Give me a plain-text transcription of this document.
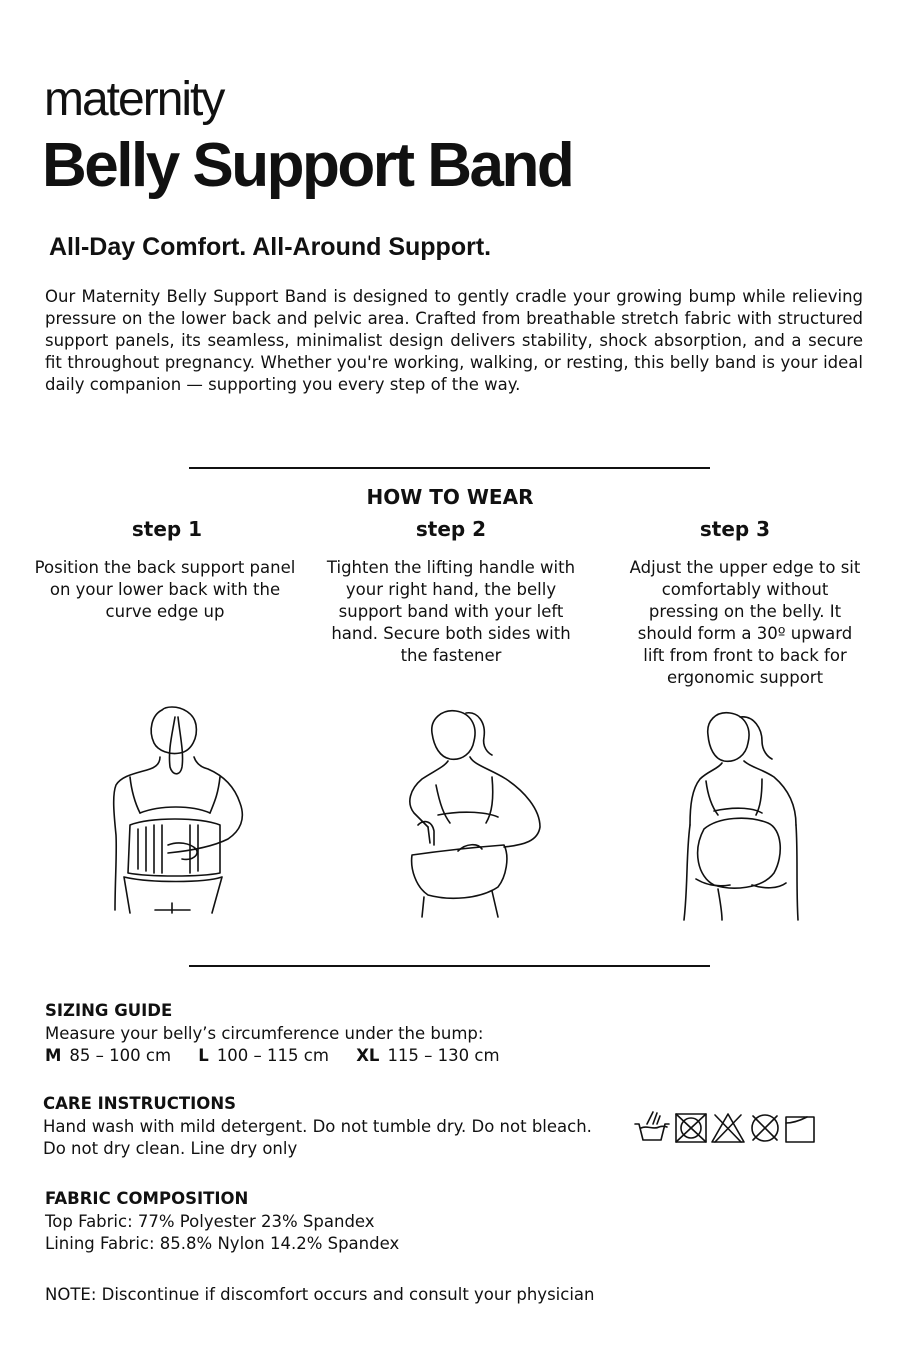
maternity
Belly Support Band
All-Day Comfort. All-Around Support.
Our Maternity Belly Support Band is designed to gently cradle your growing bump while relieving pressure on the lower back and pelvic area. Crafted from breathable stretch fabric with structured support panels, its seamless, minimalist design delivers stability, shock absorption, and a secure fit throughout pregnancy. Whether you're working, walking, or resting, this belly band is your ideal daily companion — supporting you every step of the way.
HOW TO WEAR
step 1	step 2	step 3
Position the back support panel on your lower back with the curve edge up
Tighten the lifting handle with your right hand, the belly support band with your left hand. Secure both sides with the fastener
Adjust the upper edge to sit comfortably without pressing on the belly. It should form a 30º upward lift from front to back for ergonomic support
SIZING GUIDE
Measure your belly’s circumference under the bump:
M 85 – 100 cm L 100 – 115 cm XL 115 – 130 cm
CARE INSTRUCTIONS
Hand wash with mild detergent. Do not tumble dry. Do not bleach.
Do not dry clean. Line dry only
FABRIC COMPOSITION
Top Fabric: 77% Polyester 23% Spandex
Lining Fabric: 85.8% Nylon 14.2% Spandex
NOTE: Discontinue if discomfort occurs and consult your physician
